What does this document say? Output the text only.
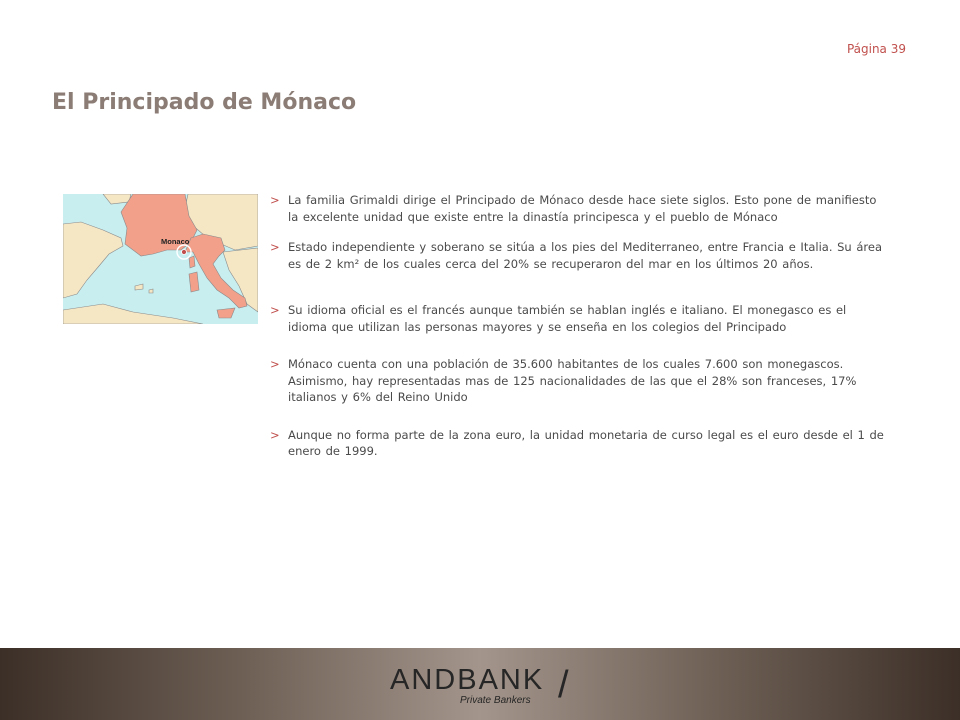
Página 39
El Principado de Mónaco
Monaco
> La familia Grimaldi dirige el Principado de Mónaco desde hace siete siglos. Esto pone de manifiesto la excelente unidad que existe entre la dinastía principesca y el pueblo de Mónaco
> Estado independiente y soberano se sitúa a los pies del Mediterraneo, entre Francia e Italia. Su área es de 2 km² de los cuales cerca del 20% se recuperaron del mar en los últimos 20 años.
> Su idioma oficial es el francés aunque también se hablan inglés e italiano. El monegasco es el idioma que utilizan las personas mayores y se enseña en los colegios del Principado
> Mónaco cuenta con una población de 35.600 habitantes de los cuales 7.600 son monegascos. Asimismo, hay representadas mas de 125 nacionalidades de las que el 28% son franceses, 17% italianos y 6% del Reino Unido
> Aunque no forma parte de la zona euro, la unidad monetaria de curso legal es el euro desde el 1 de enero de 1999.
ANDBANK
Private Bankers /
